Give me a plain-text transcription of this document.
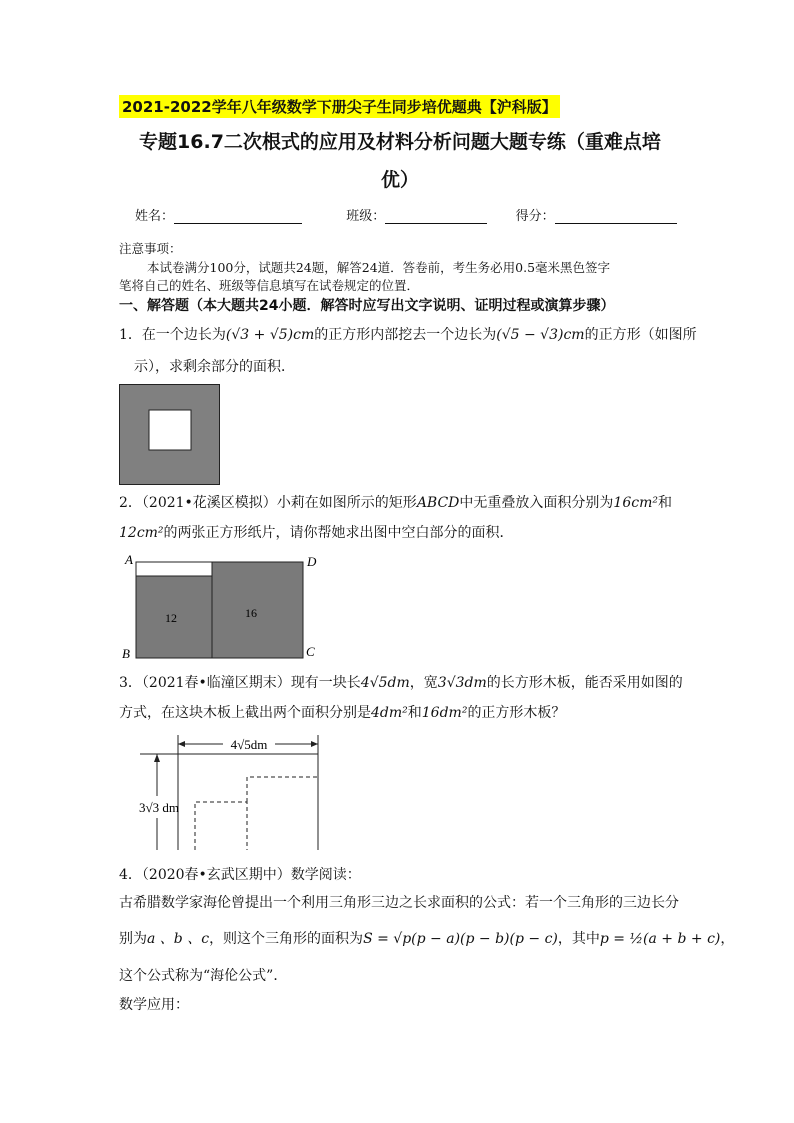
2021-2022学年八年级数学下册尖子生同步培优题典【沪科版】
专题16.7二次根式的应用及材料分析问题大题专练（重难点培
优）
姓名：	班级：	得分：
注意事项：
本试卷满分100分，试题共24题，解答24道．答卷前，考生务必用0.5毫米黑色签字
笔将自己的姓名、班级等信息填写在试卷规定的位置．
一、解答题（本大题共24小题．解答时应写出文字说明、证明过程或演算步骤）
1．在一个边长为(√3 + √5)cm的正方形内部挖去一个边长为(√5 − √3)cm的正方形（如图所
示），求剩余部分的面积．
2．（2021•花溪区模拟）小莉在如图所示的矩形ABCD中无重叠放入面积分别为16cm²和
12cm²的两张正方形纸片，请你帮她求出图中空白部分的面积．
12	16
A	D
B	C
3．（2021春•临潼区期末）现有一块长4√5dm，宽3√3dm的长方形木板，能否采用如图的
方式，在这块木板上截出两个面积分别是4dm²和16dm²的正方形木板？
4√5dm
3√3 dm
4．（2020春•玄武区期中）数学阅读：
古希腊数学家海伦曾提出一个利用三角形三边之长求面积的公式：若一个三角形的三边长分
别为a 、b 、c，则这个三角形的面积为S = √p(p − a)(p − b)(p − c)，其中p = ½(a + b + c)，
这个公式称为“海伦公式”．
数学应用：
